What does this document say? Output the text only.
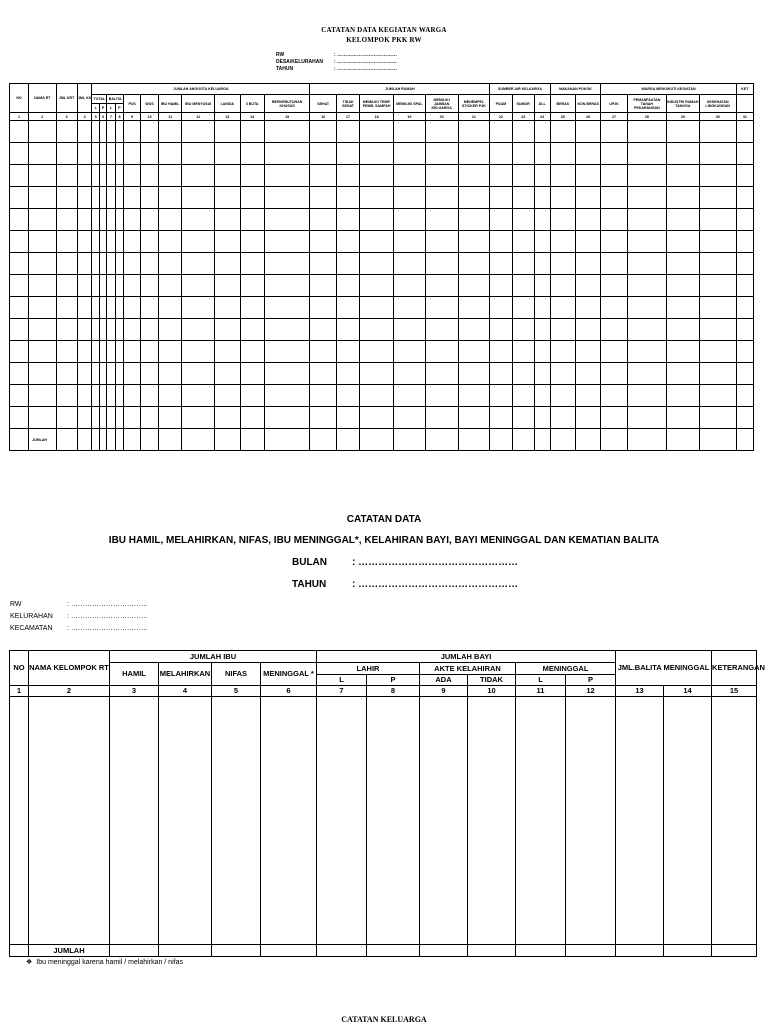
CATATAN DATA KEGIATAN WARGA
KELOMPOK PKK RW
RW	: ………………………………
DESA/KELURAHAN : ………………………………
TAHUN	: ………………………………
NO	NAMA RT	JML KRT	JML KK	JUMLAH ANGGOTA KELUARGA											JUMLAH RUMAH						SUMBER AIR KELUARGA			MAKANAN POKOK		WARGA MENGIKUTI KEGIATAN				KET
				TOTAL		BALITA		PUS	WUS	IBU HAMIL	IBU MENYUSUI	LANSIA	3 BUTA	BERKEBUTUHAN KHUSUS	SEHAT	TIDAK SEHAT	MEMILIKI TEMP. PEMB. SAMPAH	MEMILIKI SPAL	MEMILIKI JAMBAN KELUARGA	MENEMPEL STICKER P4K	PDAM	SUMUR	DLL	BERAS	NON BERAS	UP2K	PEMANFAATAN TANAH PEKARANGAN	INDUSTRI RUMAH TANGGA	KESEHATAN LINGKUNGAN	
				L	P	L	P																							
1	2	3	4	5	6	7	8	9	10	11	12	13	14	15	16	17	18	19	20	21	22	23	24	25	26	27	28	29	30	31

	JUMLAH																													
CATATAN DATA
IBU HAMIL, MELAHIRKAN, NIFAS, IBU MENINGGAL*, KELAHIRAN BAYI, BAYI MENINGGAL DAN KEMATIAN BALITA
BULAN	: …………………………………………
TAHUN	: …………………………………………
RW	: ……………………………
KELURAHAN : ……………………………
KECAMATAN : ……………………………
NO	NAMA KELOMPOK RT	JUMLAH IBU				JUMLAH BAYI						JML.BALITA MENINGGAL		KETERANGAN
		HAMIL	MELAHIRKAN	NIFAS	MENINGGAL *	LAHIR		AKTE KELAHIRAN		MENINGGAL				
						L	P	ADA	TIDAK	L	P			
1	2	3	4	5	6	7	8	9	10	11	12	13	14	15

	JUMLAH													
❖ Ibu meninggal karena hamil / melahirkan / nifas
CATATAN KELUARGA
